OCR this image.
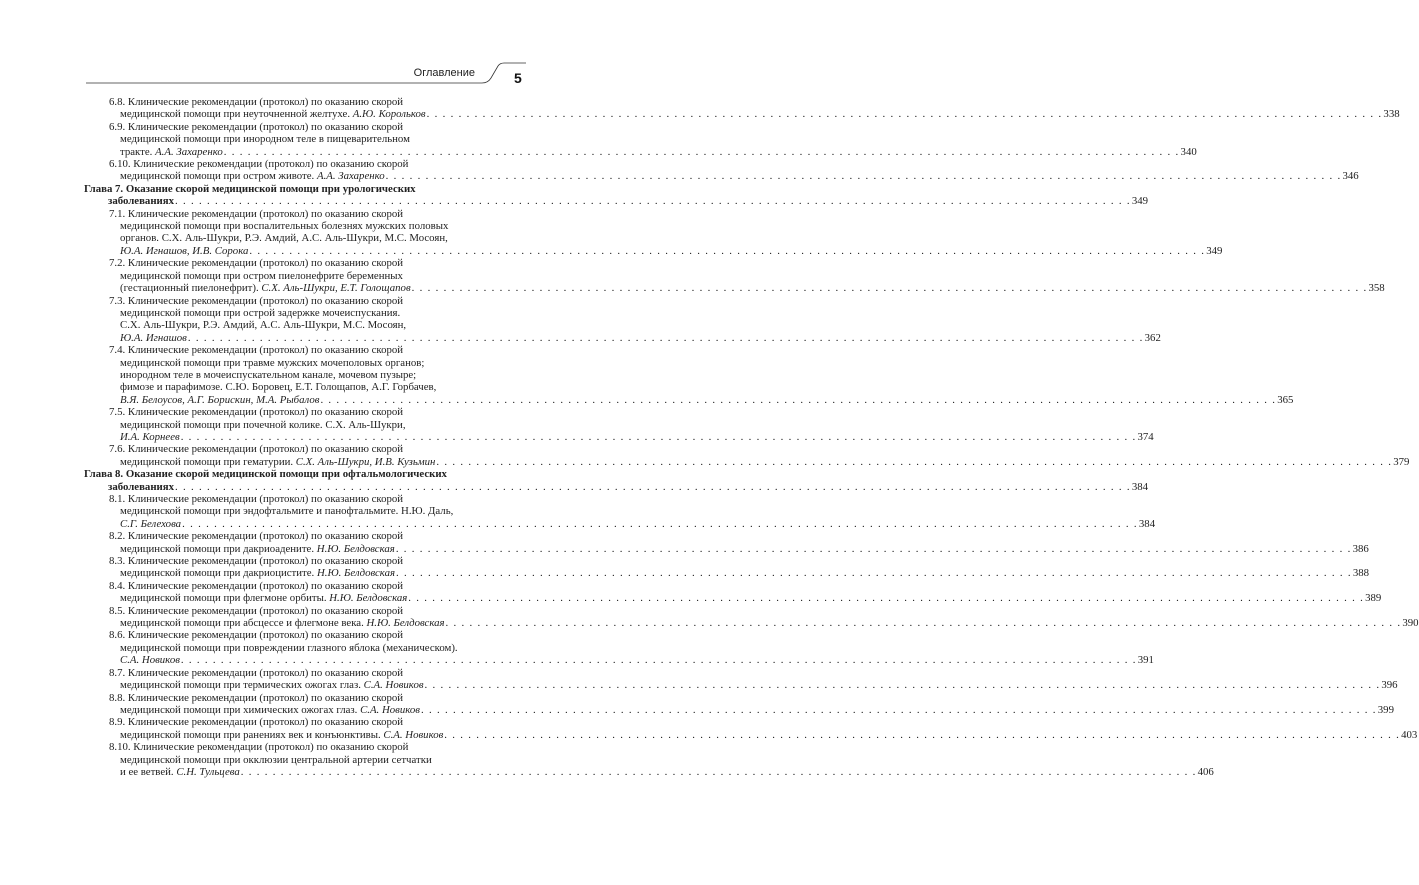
Оглавление	5
6.8. Клинические рекомендации (протокол) по оказанию скорой
медицинской помощи при неуточненной желтухе. А.Ю. Корольков . . . . . . . . . . . . . . . . . . . . . . . . . . . . . . . . . . . . . . . . . . . . . . . . . . . . . . . . . . . . . . . . . . . . . . . . . . . . . . . . . . . . . . . . . . . . . . . . . . . . . . . . . . . . . . . . . . . . . . . . 338
6.9. Клинические рекомендации (протокол) по оказанию скорой
медицинской помощи при инородном теле в пищеварительном
тракте. А.А. Захаренко . . . . . . . . . . . . . . . . . . . . . . . . . . . . . . . . . . . . . . . . . . . . . . . . . . . . . . . . . . . . . . . . . . . . . . . . . . . . . . . . . . . . . . . . . . . . . . . . . . . . . . . . . . . . . . . . . . . . . . . . 340
6.10. Клинические рекомендации (протокол) по оказанию скорой
медицинской помощи при остром животе. А.А. Захаренко . . . . . . . . . . . . . . . . . . . . . . . . . . . . . . . . . . . . . . . . . . . . . . . . . . . . . . . . . . . . . . . . . . . . . . . . . . . . . . . . . . . . . . . . . . . . . . . . . . . . . . . . . . . . . . . . . . . . . . . . 346
Глава 7. Оказание скорой медицинской помощи при урологических
заболеваниях . . . . . . . . . . . . . . . . . . . . . . . . . . . . . . . . . . . . . . . . . . . . . . . . . . . . . . . . . . . . . . . . . . . . . . . . . . . . . . . . . . . . . . . . . . . . . . . . . . . . . . . . . . . . . . . . . . . . . . . . 349
7.1. Клинические рекомендации (протокол) по оказанию скорой
медицинской помощи при воспалительных болезнях мужских половых
органов. С.Х. Аль-Шукри, Р.Э. Амдий, А.С. Аль-Шукри, М.С. Мосоян,
Ю.А. Игнашов, И.В. Сорока . . . . . . . . . . . . . . . . . . . . . . . . . . . . . . . . . . . . . . . . . . . . . . . . . . . . . . . . . . . . . . . . . . . . . . . . . . . . . . . . . . . . . . . . . . . . . . . . . . . . . . . . . . . . . . . . . . . . . . . . 349
7.2. Клинические рекомендации (протокол) по оказанию скорой
медицинской помощи при остром пиелонефрите беременных
(гестационный пиелонефрит). С.Х. Аль-Шукри, Е.Т. Голощапов . . . . . . . . . . . . . . . . . . . . . . . . . . . . . . . . . . . . . . . . . . . . . . . . . . . . . . . . . . . . . . . . . . . . . . . . . . . . . . . . . . . . . . . . . . . . . . . . . . . . . . . . . . . . . . . . . . . . . . . . 358
7.3. Клинические рекомендации (протокол) по оказанию скорой
медицинской помощи при острой задержке мочеиспускания.
С.Х. Аль-Шукри, Р.Э. Амдий, А.С. Аль-Шукри, М.С. Мосоян,
Ю.А. Игнашов . . . . . . . . . . . . . . . . . . . . . . . . . . . . . . . . . . . . . . . . . . . . . . . . . . . . . . . . . . . . . . . . . . . . . . . . . . . . . . . . . . . . . . . . . . . . . . . . . . . . . . . . . . . . . . . . . . . . . . . . 362
7.4. Клинические рекомендации (протокол) по оказанию скорой
медицинской помощи при травме мужских мочеполовых органов;
инородном теле в мочеиспускательном канале, мочевом пузыре;
фимозе и парафимозе. С.Ю. Боровец, Е.Т. Голощапов, А.Г. Горбачев,
В.Я. Белоусов, А.Г. Борискин, М.А. Рыбалов . . . . . . . . . . . . . . . . . . . . . . . . . . . . . . . . . . . . . . . . . . . . . . . . . . . . . . . . . . . . . . . . . . . . . . . . . . . . . . . . . . . . . . . . . . . . . . . . . . . . . . . . . . . . . . . . . . . . . . . . 365
7.5. Клинические рекомендации (протокол) по оказанию скорой
медицинской помощи при почечной колике. С.Х. Аль-Шукри,
И.А. Корнеев . . . . . . . . . . . . . . . . . . . . . . . . . . . . . . . . . . . . . . . . . . . . . . . . . . . . . . . . . . . . . . . . . . . . . . . . . . . . . . . . . . . . . . . . . . . . . . . . . . . . . . . . . . . . . . . . . . . . . . . . 374
7.6. Клинические рекомендации (протокол) по оказанию скорой
медицинской помощи при гематурии. С.Х. Аль-Шукри, И.В. Кузьмин . . . . . . . . . . . . . . . . . . . . . . . . . . . . . . . . . . . . . . . . . . . . . . . . . . . . . . . . . . . . . . . . . . . . . . . . . . . . . . . . . . . . . . . . . . . . . . . . . . . . . . . . . . . . . . . . . . . . . . . . 379
Глава 8. Оказание скорой медицинской помощи при офтальмологических
заболеваниях . . . . . . . . . . . . . . . . . . . . . . . . . . . . . . . . . . . . . . . . . . . . . . . . . . . . . . . . . . . . . . . . . . . . . . . . . . . . . . . . . . . . . . . . . . . . . . . . . . . . . . . . . . . . . . . . . . . . . . . . 384
8.1. Клинические рекомендации (протокол) по оказанию скорой
медицинской помощи при эндофтальмите и панофтальмите. Н.Ю. Даль,
С.Г. Белехова . . . . . . . . . . . . . . . . . . . . . . . . . . . . . . . . . . . . . . . . . . . . . . . . . . . . . . . . . . . . . . . . . . . . . . . . . . . . . . . . . . . . . . . . . . . . . . . . . . . . . . . . . . . . . . . . . . . . . . . . 384
8.2. Клинические рекомендации (протокол) по оказанию скорой
медицинской помощи при дакриоадените. Н.Ю. Белдовская . . . . . . . . . . . . . . . . . . . . . . . . . . . . . . . . . . . . . . . . . . . . . . . . . . . . . . . . . . . . . . . . . . . . . . . . . . . . . . . . . . . . . . . . . . . . . . . . . . . . . . . . . . . . . . . . . . . . . . . . 386
8.3. Клинические рекомендации (протокол) по оказанию скорой
медицинской помощи при дакриоцистите. Н.Ю. Белдовская . . . . . . . . . . . . . . . . . . . . . . . . . . . . . . . . . . . . . . . . . . . . . . . . . . . . . . . . . . . . . . . . . . . . . . . . . . . . . . . . . . . . . . . . . . . . . . . . . . . . . . . . . . . . . . . . . . . . . . . . 388
8.4. Клинические рекомендации (протокол) по оказанию скорой
медицинской помощи при флегмоне орбиты. Н.Ю. Белдовская . . . . . . . . . . . . . . . . . . . . . . . . . . . . . . . . . . . . . . . . . . . . . . . . . . . . . . . . . . . . . . . . . . . . . . . . . . . . . . . . . . . . . . . . . . . . . . . . . . . . . . . . . . . . . . . . . . . . . . . . 389
8.5. Клинические рекомендации (протокол) по оказанию скорой
медицинской помощи при абсцессе и флегмоне века. Н.Ю. Белдовская . . . . . . . . . . . . . . . . . . . . . . . . . . . . . . . . . . . . . . . . . . . . . . . . . . . . . . . . . . . . . . . . . . . . . . . . . . . . . . . . . . . . . . . . . . . . . . . . . . . . . . . . . . . . . . . . . . . . . . . . 390
8.6. Клинические рекомендации (протокол) по оказанию скорой
медицинской помощи при повреждении глазного яблока (механическом).
С.А. Новиков . . . . . . . . . . . . . . . . . . . . . . . . . . . . . . . . . . . . . . . . . . . . . . . . . . . . . . . . . . . . . . . . . . . . . . . . . . . . . . . . . . . . . . . . . . . . . . . . . . . . . . . . . . . . . . . . . . . . . . . . 391
8.7. Клинические рекомендации (протокол) по оказанию скорой
медицинской помощи при термических ожогах глаз. С.А. Новиков . . . . . . . . . . . . . . . . . . . . . . . . . . . . . . . . . . . . . . . . . . . . . . . . . . . . . . . . . . . . . . . . . . . . . . . . . . . . . . . . . . . . . . . . . . . . . . . . . . . . . . . . . . . . . . . . . . . . . . . . 396
8.8. Клинические рекомендации (протокол) по оказанию скорой
медицинской помощи при химических ожогах глаз. С.А. Новиков . . . . . . . . . . . . . . . . . . . . . . . . . . . . . . . . . . . . . . . . . . . . . . . . . . . . . . . . . . . . . . . . . . . . . . . . . . . . . . . . . . . . . . . . . . . . . . . . . . . . . . . . . . . . . . . . . . . . . . . . 399
8.9. Клинические рекомендации (протокол) по оказанию скорой
медицинской помощи при ранениях век и конъюнктивы. С.А. Новиков . . . . . . . . . . . . . . . . . . . . . . . . . . . . . . . . . . . . . . . . . . . . . . . . . . . . . . . . . . . . . . . . . . . . . . . . . . . . . . . . . . . . . . . . . . . . . . . . . . . . . . . . . . . . . . . . . . . . . . . . 403
8.10. Клинические рекомендации (протокол) по оказанию скорой
медицинской помощи при окклюзии центральной артерии сетчатки
и ее ветвей. С.Н. Тульцева . . . . . . . . . . . . . . . . . . . . . . . . . . . . . . . . . . . . . . . . . . . . . . . . . . . . . . . . . . . . . . . . . . . . . . . . . . . . . . . . . . . . . . . . . . . . . . . . . . . . . . . . . . . . . . . . . . . . . . . . 406
